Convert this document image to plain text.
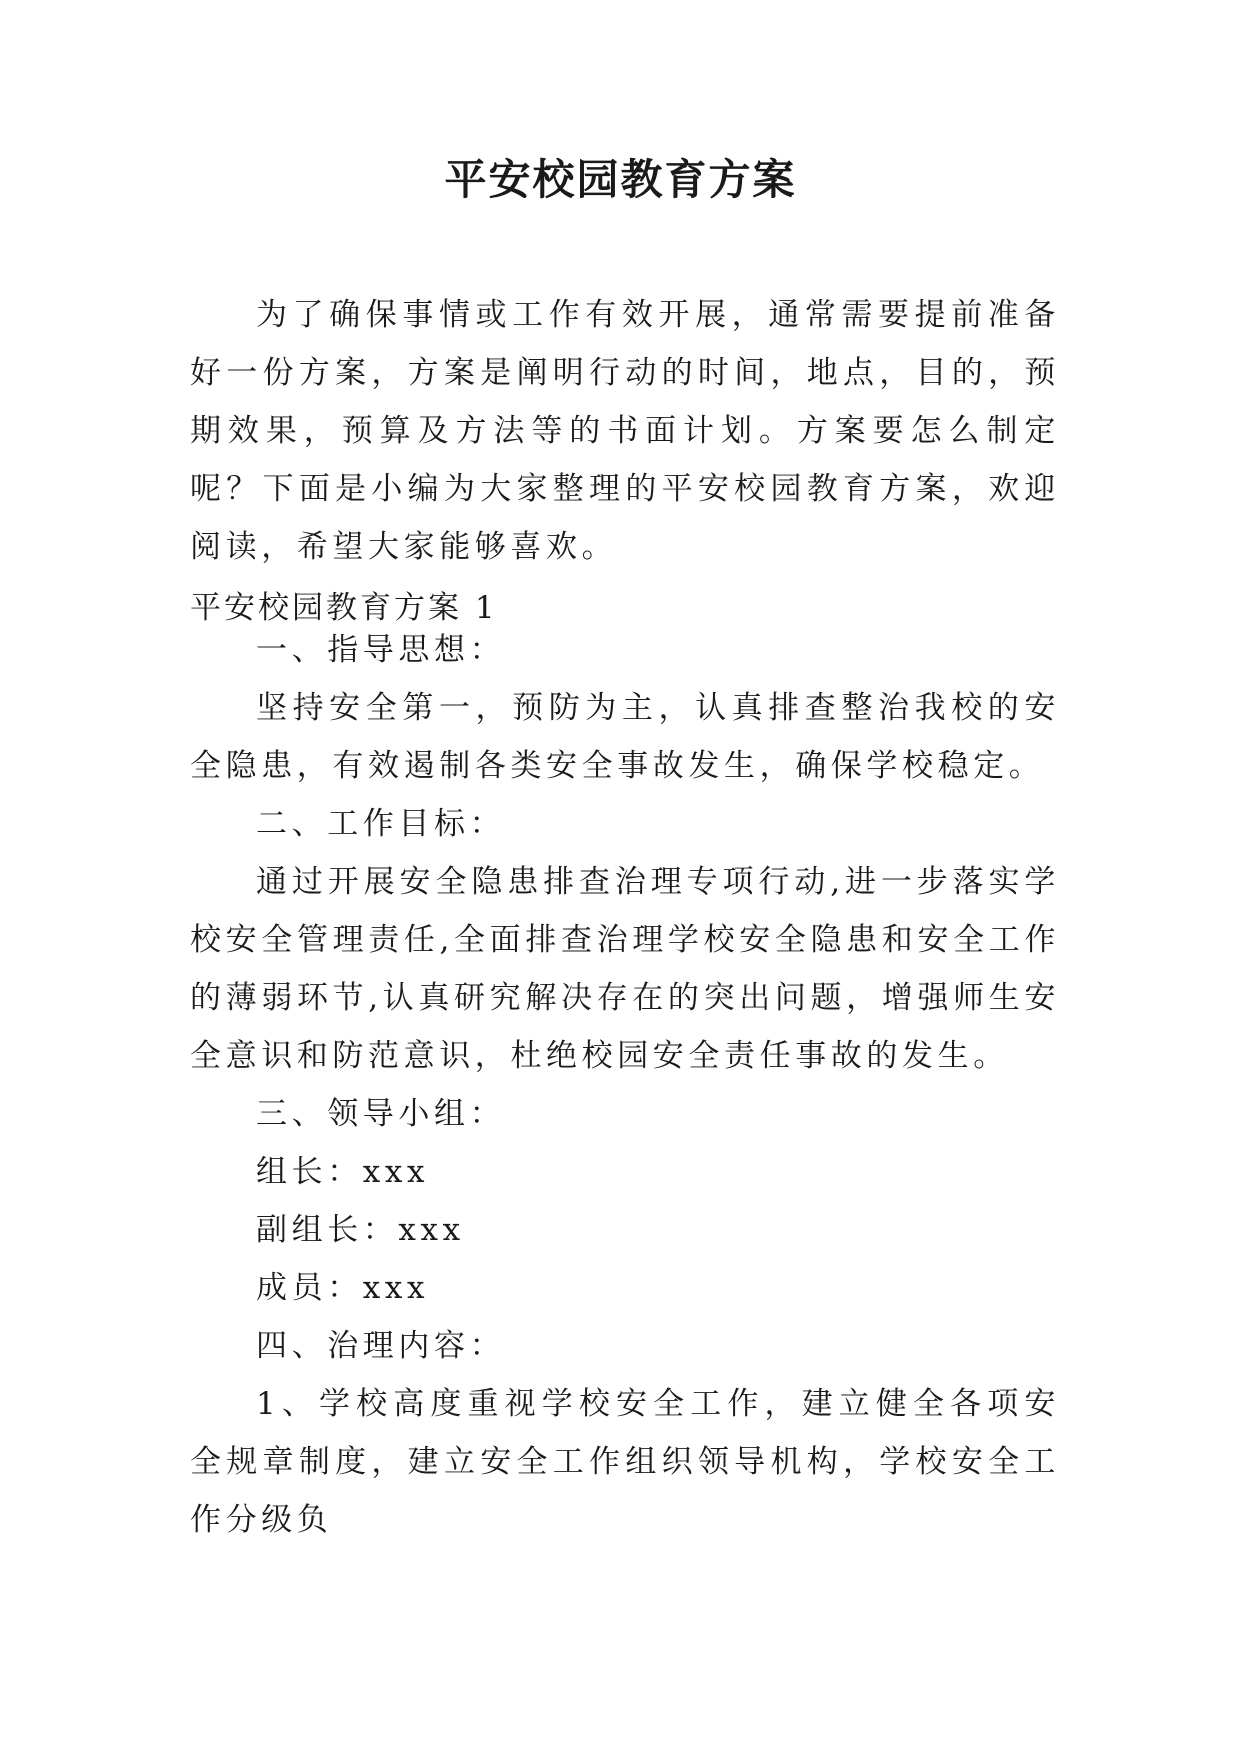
平安校园教育方案

为了确保事情或工作有效开展，通常需要提前准备好一份方案，方案是阐明行动的时间，地点，目的，预期效果，预算及方法等的书面计划。方案要怎么制定呢？下面是小编为大家整理的平安校园教育方案，欢迎阅读，希望大家能够喜欢。

平安校园教育方案 1

一、指导思想：

坚持安全第一，预防为主，认真排查整治我校的安全隐患，有效遏制各类安全事故发生，确保学校稳定。

二、工作目标：

通过开展安全隐患排查治理专项行动,进一步落实学校安全管理责任,全面排查治理学校安全隐患和安全工作的薄弱环节,认真研究解决存在的突出问题，增强师生安全意识和防范意识，杜绝校园安全责任事故的发生。

三、领导小组：

组长：xxx

副组长：xxx

成员：xxx

四、治理内容：

1、学校高度重视学校安全工作，建立健全各项安全规章制度，建立安全工作组织领导机构，学校安全工作分级负
